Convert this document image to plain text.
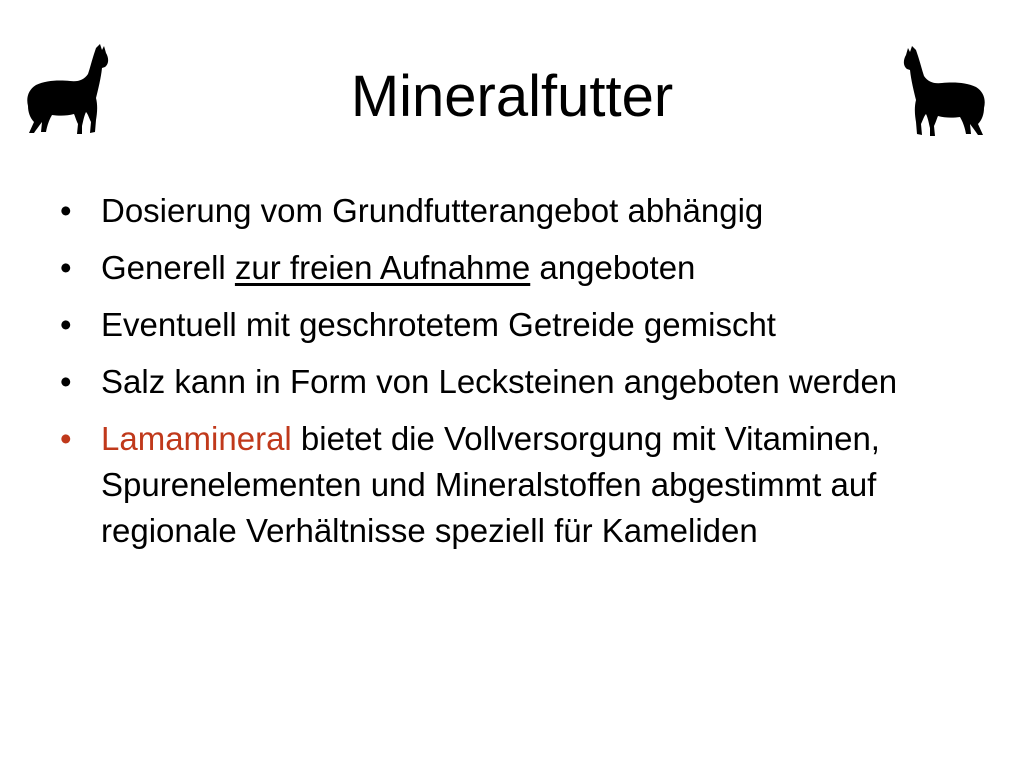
Mineralfutter
• Dosierung vom Grundfutterangebot abhängig
• Generell zur freien Aufnahme angeboten
• Eventuell mit geschrotetem Getreide gemischt
• Salz kann in Form von Lecksteinen angeboten werden
• Lamamineral bietet die Vollversorgung mit Vitaminen, Spurenelementen und Mineralstoffen abgestimmt auf regionale Verhältnisse speziell für Kameliden
